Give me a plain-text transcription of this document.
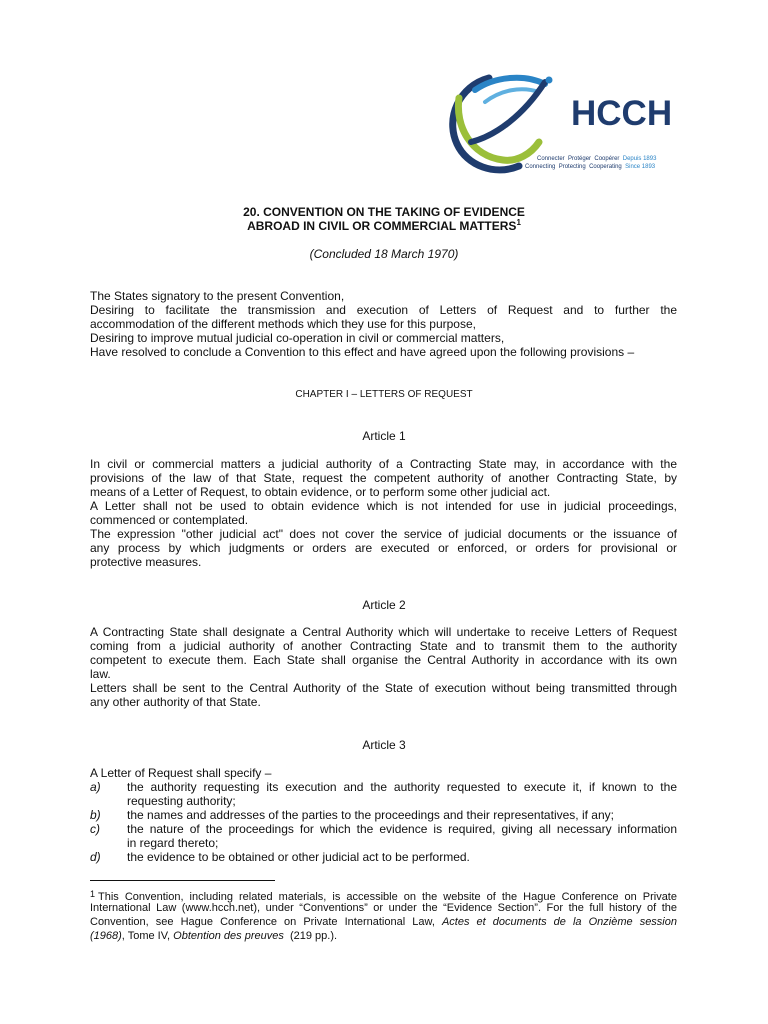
HCCH
Connecter Protéger Coopérer Depuis 1893
Connecting Protecting Cooperating Since 1893
20. CONVENTION ON THE TAKING OF EVIDENCE
ABROAD IN CIVIL OR COMMERCIAL MATTERS$^1$
(Concluded 18 March 1970)
The States signatory to the present Convention,
Desiring to facilitate the transmission and execution of Letters of Request and to further the
accommodation of the different methods which they use for this purpose,
Desiring to improve mutual judicial co-operation in civil or commercial matters,
Have resolved to conclude a Convention to this effect and have agreed upon the following provisions –
CHAPTER I – LETTERS OF REQUEST
Article 1
In civil or commercial matters a judicial authority of a Contracting State may, in accordance with the
provisions of the law of that State, request the competent authority of another Contracting State, by
means of a Letter of Request, to obtain evidence, or to perform some other judicial act.
A Letter shall not be used to obtain evidence which is not intended for use in judicial proceedings,
commenced or contemplated.
The expression "other judicial act" does not cover the service of judicial documents or the issuance of
any process by which judgments or orders are executed or enforced, or orders for provisional or
protective measures.
Article 2
A Contracting State shall designate a Central Authority which will undertake to receive Letters of Request
coming from a judicial authority of another Contracting State and to transmit them to the authority
competent to execute them. Each State shall organise the Central Authority in accordance with its own
law.
Letters shall be sent to the Central Authority of the State of execution without being transmitted through
any other authority of that State.
Article 3
A Letter of Request shall specify –
a) the authority requesting its execution and the authority requested to execute it, if known to the
requesting authority;
b) the names and addresses of the parties to the proceedings and their representatives, if any;
c) the nature of the proceedings for which the evidence is required, giving all necessary information
in regard thereto;
d) the evidence to be obtained or other judicial act to be performed.
$^1$ This Convention, including related materials, is accessible on the website of the Hague Conference on Private
International Law (www.hcch.net), under “Conventions” or under the “Evidence Section”. For the full history of the
Convention, see Hague Conference on Private International Law, Actes et documents de la Onzième session
(1968), Tome IV, Obtention des preuves  (219 pp.).
